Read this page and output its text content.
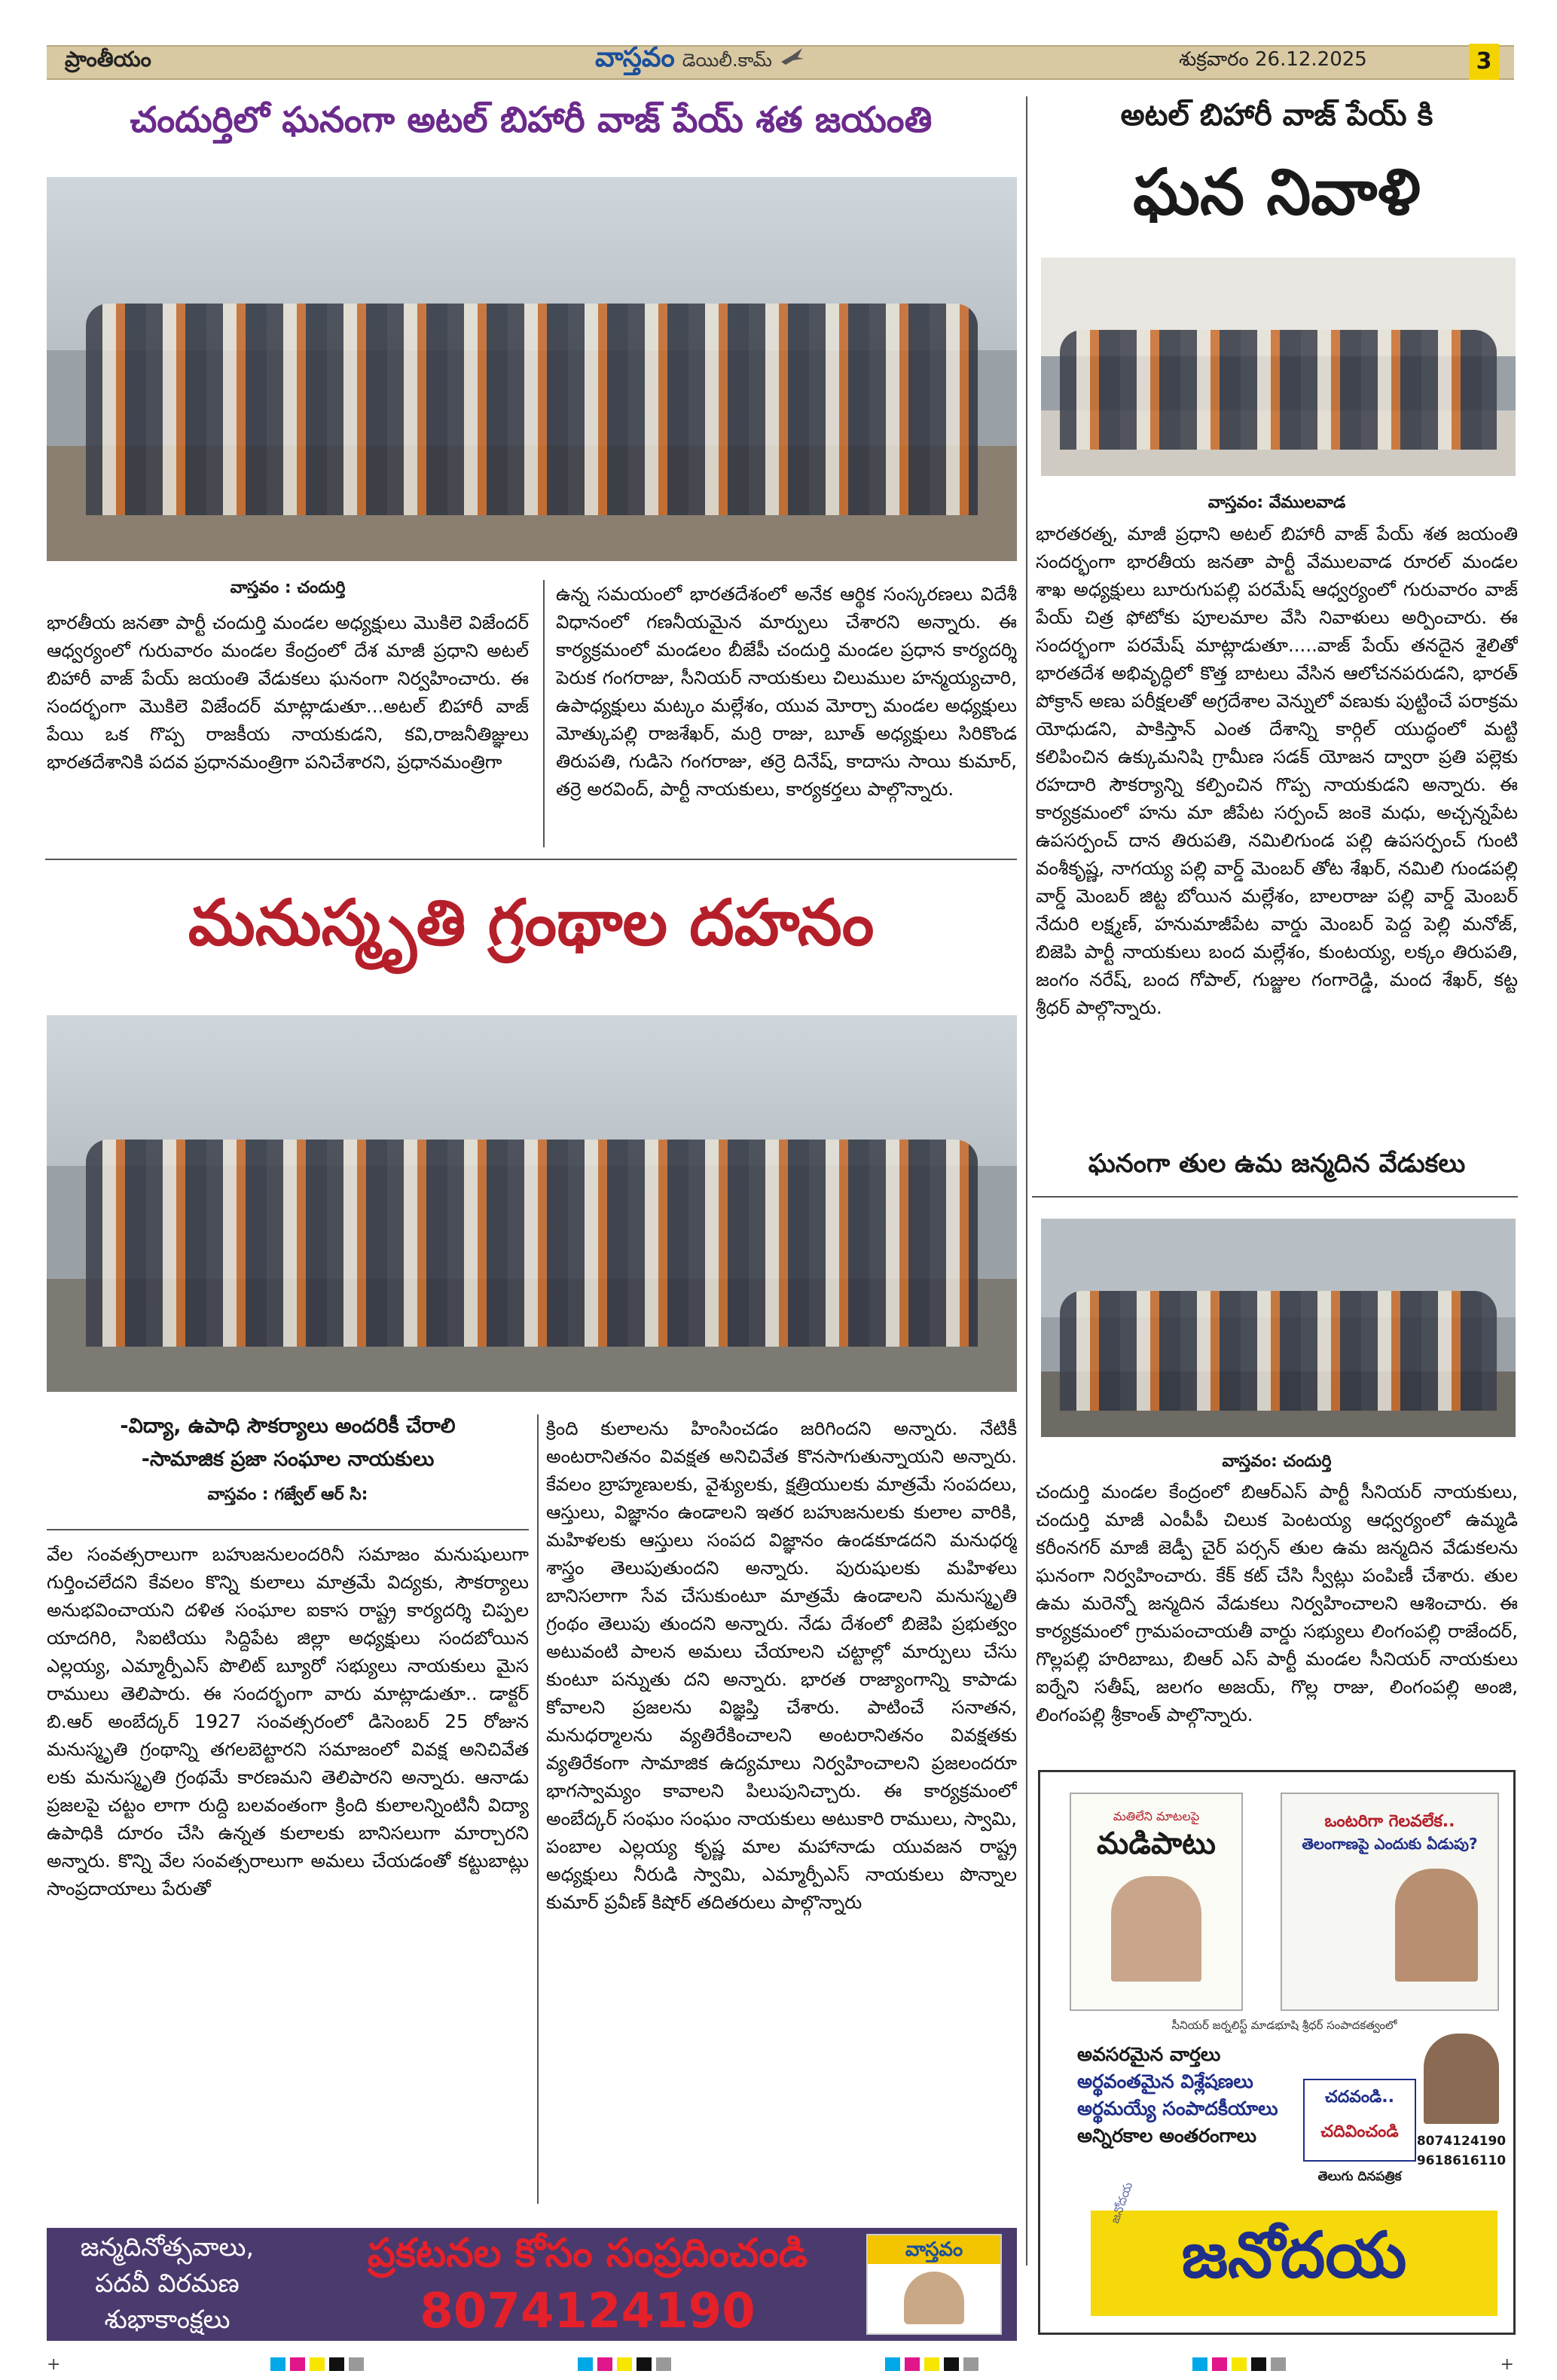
ప్రాంతీయం	వాస్తవం డెయిలీ.కామ్	శుక్రవారం 26.12.2025	3
చందుర్తిలో ఘనంగా అటల్ బిహారీ వాజ్ పేయ్ శత జయంతి
వాస్తవం : చందుర్తి
భారతీయ జనతా పార్టీ చందుర్తి మండల అధ్యక్షులు మొకిలె విజేందర్ ఆధ్వర్యంలో గురువారం మండల కేంద్రంలో దేశ మాజీ ప్రధాని అటల్ బిహారీ వాజ్ పేయ్ జయంతి వేడుకలు ఘనంగా నిర్వహించారు. ఈ సందర్భంగా మొకిలె విజేందర్ మాట్లాడుతూ...అటల్ బిహారీ వాజ్ పేయి ఒక గొప్ప రాజకీయ నాయకుడని, కవి,రాజనీతిజ్ఞులు భారతదేశానికి పదవ ప్రధానమంత్రిగా పనిచేశారని, ప్రధానమంత్రిగా
ఉన్న సమయంలో భారతదేశంలో అనేక ఆర్థిక సంస్కరణలు విదేశీ విధానంలో గణనీయమైన మార్పులు చేశారని అన్నారు. ఈ కార్యక్రమంలో మండలం బీజేపీ చందుర్తి మండల ప్రధాన కార్యదర్శి పెరుక గంగరాజు, సీనియర్ నాయకులు చిలుముల హన్మయ్యచారి, ఉపాధ్యక్షులు మట్కం మల్లేశం, యువ మోర్చా మండల అధ్యక్షులు మోత్కుపల్లి రాజశేఖర్, మర్రి రాజు, బూత్ అధ్యక్షులు సిరికొండ తిరుపతి, గుడిసె గంగరాజు, తర్రె దినేష్, కాదాసు సాయి కుమార్, తర్రె అరవింద్, పార్టీ నాయకులు, కార్యకర్తలు పాల్గొన్నారు.
అటల్ బిహారీ వాజ్ పేయ్ కి
ఘన నివాళి
వాస్తవం: వేములవాడ
భారతరత్న, మాజీ ప్రధాని అటల్ బిహారీ వాజ్ పేయ్ శత జయంతి సందర్భంగా భారతీయ జనతా పార్టీ వేములవాడ రూరల్ మండల శాఖ అధ్యక్షులు బూరుగుపల్లి పరమేష్ ఆధ్వర్యంలో గురువారం వాజ్ పేయ్ చిత్ర ఫోటోకు పూలమాల వేసి నివాళులు అర్పించారు. ఈ సందర్భంగా పరమేష్ మాట్లాడుతూ.....వాజ్ పేయ్ తనదైన శైలితో భారతదేశ అభివృద్ధిలో కొత్త బాటలు వేసిన ఆలోచనపరుడని, భారత్ పోక్రాన్ అణు పరీక్షలతో అగ్రదేశాల వెన్నులో వణుకు పుట్టించే పరాక్రమ యోధుడని, పాకిస్తాన్ ఎంత దేశాన్ని కార్గిల్ యుద్ధంలో మట్టి కలిపించిన ఉక్కుమనిషి గ్రామీణ సడక్ యోజన ద్వారా ప్రతి పల్లెకు రహదారి సౌకర్యాన్ని కల్పించిన గొప్ప నాయకుడని అన్నారు. ఈ కార్యక్రమంలో హను మా జీపేట సర్పంచ్ జంకె మధు, అచ్చన్నపేట ఉపసర్పంచ్ దాన తిరుపతి, నమిలిగుండ పల్లి ఉపసర్పంచ్ గుంటి వంశీకృష్ణ, నాగయ్య పల్లి వార్డ్ మెంబర్ తోట శేఖర్, నమిలి గుండపల్లి వార్డ్ మెంబర్ జిట్ట బోయిన మల్లేశం, బాలరాజు పల్లి వార్డ్ మెంబర్ నేదురి లక్ష్మణ్, హనుమాజీపేట వార్డు మెంబర్ పెద్ద పెల్లి మనోజ్, బిజెపి పార్టీ నాయకులు బంద మల్లేశం, కుంటయ్య, లక్కం తిరుపతి, జంగం నరేష్, బంద గోపాల్, గుజ్జుల గంగారెడ్డి, మంద శేఖర్, కట్ట శ్రీధర్ పాల్గొన్నారు.
మనుస్మృతి గ్రంథాల దహనం
-విద్యా, ఉపాధి సౌకర్యాలు అందరికీ చేరాలి
-సామాజిక ప్రజా సంఘాల నాయకులు
వాస్తవం : గజ్వేల్ ఆర్ సి:
వేల సంవత్సరాలుగా బహుజనులందరినీ సమాజం మనుషులుగా గుర్తించలేదని కేవలం కొన్ని కులాలు మాత్రమే విద్యకు, సౌకర్యాలు అనుభవించాయని దళిత సంఘాల ఐకాస రాష్ట్ర కార్యదర్శి చిప్పల యాదగిరి, సిఐటియు సిద్దిపేట జిల్లా అధ్యక్షులు సందబోయిన ఎల్లయ్య, ఎమ్మార్పీఎస్ పొలిట్ బ్యూరో సభ్యులు నాయకులు మైస రాములు తెలిపారు. ఈ సందర్భంగా వారు మాట్లాడుతూ.. డాక్టర్ బి.ఆర్ అంబేద్కర్ 1927 సంవత్సరంలో డిసెంబర్ 25 రోజున మనుస్మృతి గ్రంథాన్ని తగలబెట్టారని సమాజంలో వివక్ష అనిచివేత లకు మనుస్మృతి గ్రంథమే కారణమని తెలిపారని అన్నారు. ఆనాడు ప్రజలపై చట్టం లాగా రుద్ది బలవంతంగా క్రింది కులాలన్నింటినీ విద్యా ఉపాధికి దూరం చేసి ఉన్నత కులాలకు బానిసలుగా మార్చారని అన్నారు. కొన్ని వేల సంవత్సరాలుగా అమలు చేయడంతో కట్టుబాట్లు సాంప్రదాయాలు పేరుతో
క్రింది కులాలను హింసించడం జరిగిందని అన్నారు. నేటికీ అంటరానితనం వివక్షత అనిచివేత కొనసాగుతున్నాయని అన్నారు. కేవలం బ్రాహ్మణులకు, వైశ్యులకు, క్షత్రియులకు మాత్రమే సంపదలు, ఆస్తులు, విజ్ఞానం ఉండాలని ఇతర బహుజనులకు కులాల వారికి, మహిళలకు ఆస్తులు సంపద విజ్ఞానం ఉండకూడదని మనుధర్మ శాస్త్రం తెలుపుతుందని అన్నారు. పురుషులకు మహిళలు బానిసలాగా సేవ చేసుకుంటూ మాత్రమే ఉండాలని మనుస్మృతి గ్రంథం తెలుపు తుందని అన్నారు. నేడు దేశంలో బిజెపి ప్రభుత్వం అటువంటి పాలన అమలు చేయాలని చట్టాల్లో మార్పులు చేసు కుంటూ పన్నుతు దని అన్నారు. భారత రాజ్యాంగాన్ని కాపాడు కోవాలని ప్రజలను విజ్ఞప్తి చేశారు. పాటించే సనాతన, మనుధర్మాలను వ్యతిరేకించాలని అంటరానితనం వివక్షతకు వ్యతిరేకంగా సామాజిక ఉద్యమాలు నిర్వహించాలని ప్రజలందరూ భాగస్వామ్యం కావాలని పిలుపునిచ్చారు. ఈ కార్యక్రమంలో అంబేద్కర్ సంఘం సంఘం నాయకులు అటుకారి రాములు, స్వామి, పంబాల ఎల్లయ్య కృష్ణ మాల మహానాడు యువజన రాష్ట్ర అధ్యక్షులు నీరుడి స్వామి, ఎమ్మార్పీఎస్ నాయకులు పొన్నాల కుమార్ ప్రవీణ్ కిషోర్ తదితరులు పాల్గొన్నారు
ఘనంగా తుల ఉమ జన్మదిన వేడుకలు
వాస్తవం: చందుర్తి
చందుర్తి మండల కేంద్రంలో బిఆర్ఎస్ పార్టీ సీనియర్ నాయకులు, చందుర్తి మాజీ ఎంపీపీ చిలుక పెంటయ్య ఆధ్వర్యంలో ఉమ్మడి కరీంనగర్ మాజీ జెడ్పీ చైర్ పర్సన్ తుల ఉమ జన్మదిన వేడుకలను ఘనంగా నిర్వహించారు. కేక్ కట్ చేసి స్వీట్లు పంపిణీ చేశారు. తుల ఉమ మరెన్నో జన్మదిన వేడుకలు నిర్వహించాలని ఆశించారు. ఈ కార్యక్రమంలో గ్రామపంచాయతీ వార్డు సభ్యులు లింగంపల్లి రాజేందర్, గొల్లపల్లి హరిబాబు, బిఆర్ ఎస్ పార్టీ మండల సీనియర్ నాయకులు ఐర్నేని సతీష్, జలగం అజయ్, గొల్ల రాజు, లింగంపల్లి అంజి, లింగంపల్లి శ్రీకాంత్ పాల్గొన్నారు.
జన్మదినోత్సవాలు,
పదవీ విరమణ
శుభాకాంక్షలు
ప్రకటనల కోసం సంప్రదించండి
8074124190
వాస్తవం
మతిలేని మాటలపై
మడిపాటు
ఒంటరిగా గెలవలేక..
తెలంగాణపై ఎందుకు ఏడుపు?
సీనియర్ జర్నలిస్ట్ మాడభూషి శ్రీధర్ సంపాదకత్వంలో
అవసరమైన వార్తలు
అర్థవంతమైన విశ్లేషణలు
అర్థమయ్యే సంపాదకీయాలు
అన్నిరకాల అంతరంగాలు
చదవండి..
చదివించండి
తెలుగు దినపత్రిక
8074124190
9618616110
జనోదయ
జనోదయ
+	+
